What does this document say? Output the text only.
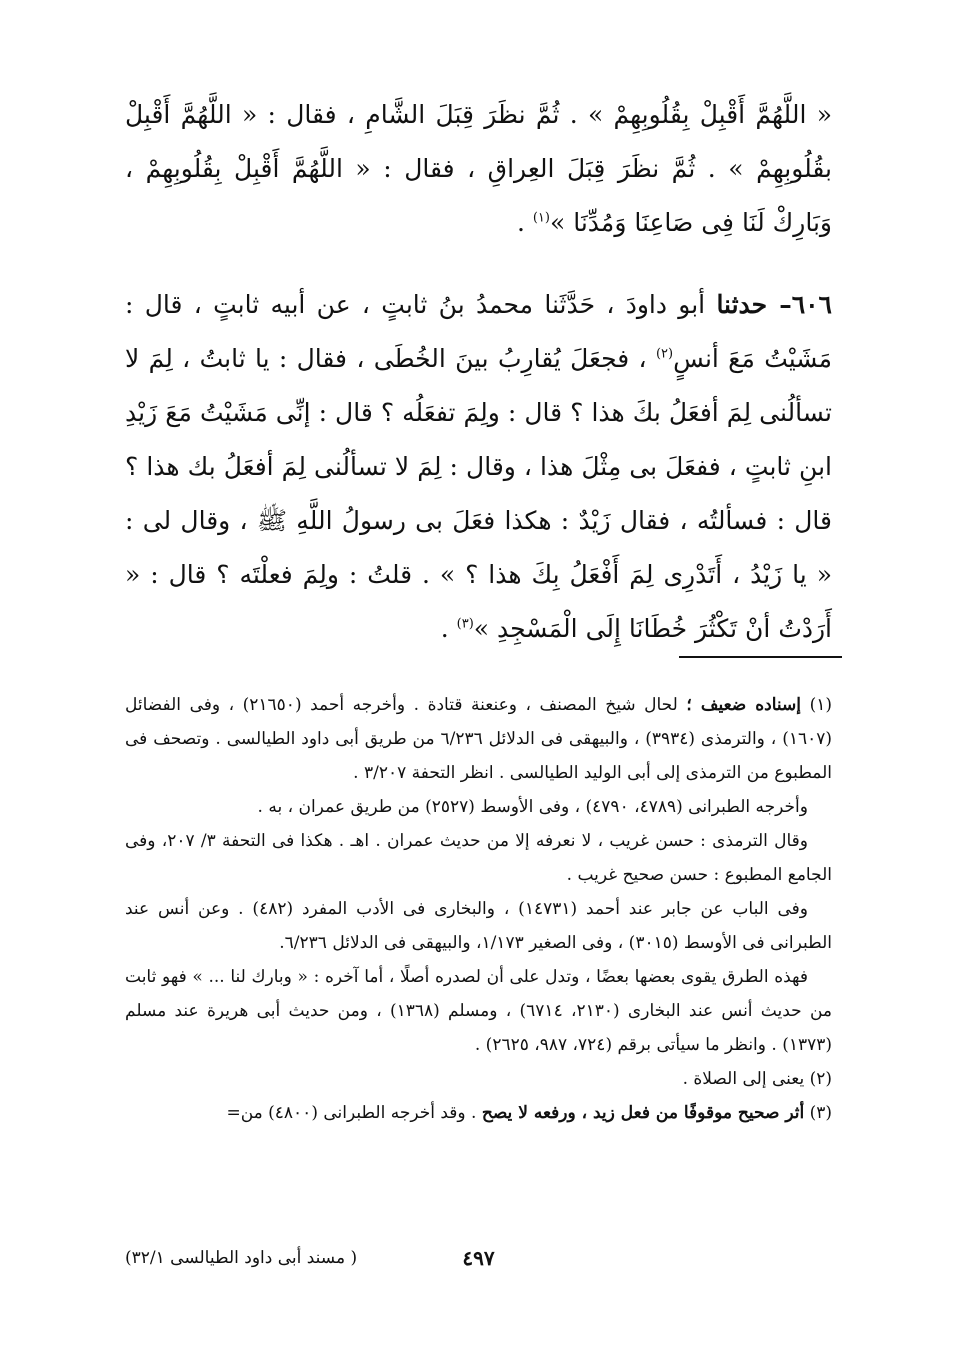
« اللَّهُمَّ أَقْبِلْ بِقُلُوبِهِمْ » . ثُمَّ نظَرَ قِبَلَ الشَّامِ ، فقال : « اللَّهُمَّ أَقْبِلْ بقُلُوبِهِمْ » . ثُمَّ نظَرَ قِبَلَ العِراقِ ، فقال : « اللَّهُمَّ أَقْبِلْ بِقُلُوبِهِمْ ، وَبَارِكْ لَنَا فِى صَاعِنَا وَمُدِّنَا »$^{(١)}$ .

٦٠٦– حدثنا أبو داودَ ، حَدَّثَنا محمدُ بنُ ثابتٍ ، عن أبيه ثابتٍ ، قال : مَشَيْتُ مَعَ أنسٍ$^{(٢)}$ ، فجعَلَ يُقارِبُ بينَ الخُطَى ، فقال : يا ثابتُ ، لِمَ لا تسألُنى لِمَ أفعَلُ بكَ هذا ؟ قال : ولِمَ تفعَلُه ؟ قال : إنِّى مَشَيْتُ مَعَ زَيْدِ ابنِ ثابتٍ ، ففعَلَ بى مِثْلَ هذا ، وقال : لِمَ لا تسألُنى لِمَ أفعَلُ بك هذا ؟ قال : فسألتُه ، فقال زَيْدٌ : هكذا فعَلَ بى رسولُ اللَّهِ ﷺ ، وقال لى : « يا زَيْدُ ، أَتَدْرِى لِمَ أَفْعَلُ بِكَ هذا ؟ » . قلتُ : ولِمَ فعلْتَه ؟ قال : « أَرَدْتُ أنْ تَكْثُرَ خُطَانَا إِلَى الْمَسْجِدِ »$^{(٣)}$ .

(١) إسناده ضعيف ؛ لحال شيخ المصنف ، وعنعنة قتادة . وأخرجه أحمد (٢١٦٥٠) ، وفى الفضائل (١٦٠٧) ، والترمذى (٣٩٣٤) ، والبيهقى فى الدلائل ٦/٢٣٦ من طريق أبى داود الطيالسى . وتصحف فى المطبوع من الترمذى إلى أبى الوليد الطيالسى . انظر التحفة ٣/٢٠٧ .

وأخرجه الطبرانى (٤٧٨٩، ٤٧٩٠) ، وفى الأوسط (٢٥٢٧) من طريق عمران ، به .

وقال الترمذى : حسن غريب ، لا نعرفه إلا من حديث عمران . اهـ . هكذا فى التحفة ٣/ ٢٠٧، وفى الجامع المطبوع : حسن صحيح غريب .

وفى الباب عن جابر عند أحمد (١٤٧٣١) ، والبخارى فى الأدب المفرد (٤٨٢) . وعن أنس عند الطبرانى فى الأوسط (٣٠١٥) ، وفى الصغير ١/١٧٣، والبيهقى فى الدلائل ٦/٢٣٦.

فهذه الطرق يقوى بعضها بعضًا ، وتدل على أن لصدره أصلًا ، أما آخره : « وبارك لنا ... » فهو ثابت من حديث أنس عند البخارى (٢١٣٠، ٦٧١٤) ، ومسلم (١٣٦٨) ، ومن حديث أبى هريرة عند مسلم (١٣٧٣) . وانظر ما سيأتى برقم (٧٢٤، ٩٨٧، ٢٦٢٥) .

(٢) يعنى إلى الصلاة .

(٣) أثر صحيح موقوفًا من فعل زيد ، ورفعه لا يصح . وقد أخرجه الطبرانى (٤٨٠٠) من=

٤٩٧
( مسند أبى داود الطيالسى ٣٢/١)
